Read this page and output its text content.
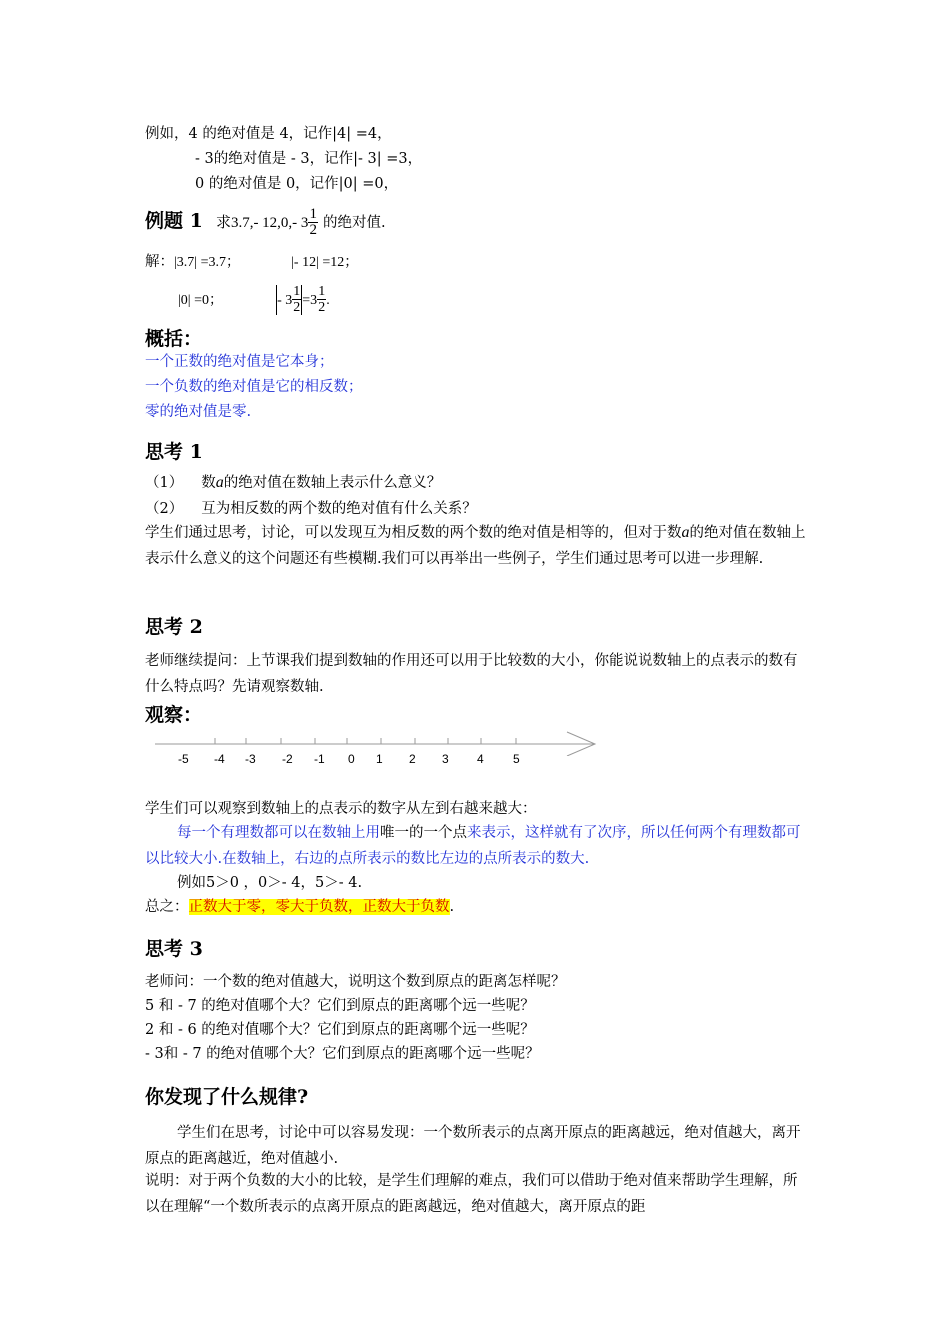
例如，4 的绝对值是 4，记作|4| =4，

- 3的绝对值是 - 3，记作|- 3| =3，

0 的绝对值是 0，记作|0| =0，

例题 1 求3.7,- 12,0,- $3 \frac{1}{2}$ 的绝对值.
解：|3.7| =3.7；	|- 12| =12；
|0| =0；	- $3 \frac{1}{2} =3 \frac{1}{2}$ .

概括：

一个正数的绝对值是它本身；

一个负数的绝对值是它的相反数；

零的绝对值是零.

思考 1

（1） 数a的绝对值在数轴上表示什么意义？
（2） 互为相反数的两个数的绝对值有什么关系？

学生们通过思考，讨论，可以发现互为相反数的两个数的绝对值是相等的，但对于数a的绝对值在数轴上表示什么意义的这个问题还有些模糊.我们可以再举出一些例子，学生们通过思考可以进一步理解.

思考 2

老师继续提问：上节课我们提到数轴的作用还可以用于比较数的大小，你能说说数轴上的点表示的数有什么特点吗？先请观察数轴.

观察：

-5 -4 -3 -2 -1 0 1 2 3 4 5

学生们可以观察到数轴上的点表示的数字从左到右越来越大：

每一个有理数都可以在数轴上用唯一的一个点来表示，这样就有了次序，所以任何两个有理数都可以比较大小.在数轴上，右边的点所表示的数比左边的点所表示的数大.

例如5＞0 ，0＞- 4，5＞- 4.

总之：正数大于零，零大于负数，正数大于负数.

思考 3

老师问：一个数的绝对值越大，说明这个数到原点的距离怎样呢？

5 和 - 7 的绝对值哪个大？它们到原点的距离哪个远一些呢？

2 和 - 6 的绝对值哪个大？它们到原点的距离哪个远一些呢？

- 3和 - 7 的绝对值哪个大？它们到原点的距离哪个远一些呢？

你发现了什么规律?

学生们在思考，讨论中可以容易发现：一个数所表示的点离开原点的距离越远，绝对值越大，离开原点的距离越近，绝对值越小.

说明：对于两个负数的大小的比较，是学生们理解的难点，我们可以借助于绝对值来帮助学生理解，所以在理解“一个数所表示的点离开原点的距离越远，绝对值越大，离开原点的距
